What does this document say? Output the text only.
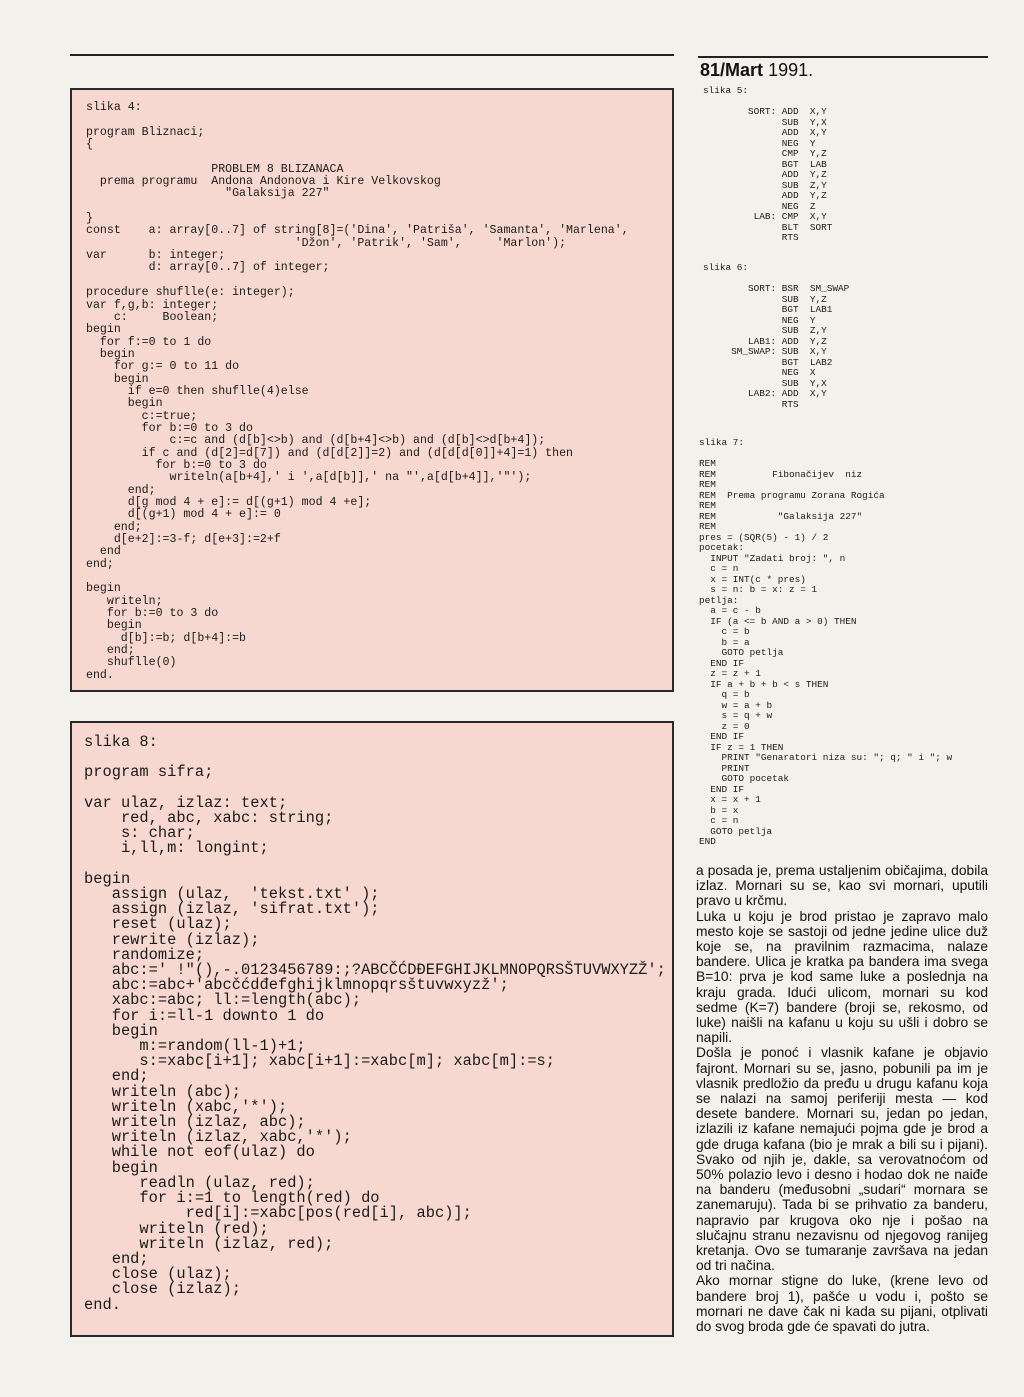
81/Mart 1991.
slika 4:

program Bliznaci;
{

PROBLEM 8 BLIZANACA
prema programu  Andona Andonova i Kire Velkovskog
"Galaksija 227"

}
const    a: array[0..7] of string[8]=('Dina', 'Patriša', 'Samanta', 'Marlena',
'Džon', 'Patrik', 'Sam',     'Marlon');
var      b: integer;
d: array[0..7] of integer;

procedure shuflle(e: integer);
var f,g,b: integer;
c:     Boolean;
begin
for f:=0 to 1 do
begin
for g:= 0 to 11 do
begin
if e=0 then shuflle(4)else
begin
c:=true;
for b:=0 to 3 do
c:=c and (d[b]<>b) and (d[b+4]<>b) and (d[b]<>d[b+4]);
if c and (d[2]=d[7]) and (d[d[2]]=2) and (d[d[d[0]]+4]=1) then
for b:=0 to 3 do
writeln(a[b+4],' i ',a[d[b]],' na "',a[d[b+4]],'"');
end;
d[g mod 4 + e]:= d[(g+1) mod 4 +e];
d[(g+1) mod 4 + e]:= 0
end;
d[e+2]:=3-f; d[e+3]:=2+f
end
end;

begin
writeln;
for b:=0 to 3 do
begin
d[b]:=b; d[b+4]:=b
end;
shuflle(0)
end.
slika 8:

program sifra;

var ulaz, izlaz: text;
red, abc, xabc: string;
s: char;
i,ll,m: longint;

begin
assign (ulaz,  'tekst.txt' );
assign (izlaz, 'sifrat.txt');
reset (ulaz);
rewrite (izlaz);
randomize;
abc:=' !"(),-.0123456789:;?ABCČĆDĐEFGHIJKLMNOPQRSŠTUVWXYZŽ';
abc:=abc+'abcčćdđefghijklmnopqrsštuvwxyzž';
xabc:=abc; ll:=length(abc);
for i:=ll-1 downto 1 do
begin
m:=random(ll-1)+1;
s:=xabc[i+1]; xabc[i+1]:=xabc[m]; xabc[m]:=s;
end;
writeln (abc);
writeln (xabc,'*');
writeln (izlaz, abc);
writeln (izlaz, xabc,'*');
while not eof(ulaz) do
begin
readln (ulaz, red);
for i:=1 to length(red) do
red[i]:=xabc[pos(red[i], abc)];
writeln (red);
writeln (izlaz, red);
end;
close (ulaz);
close (izlaz);
end.
slika 5:

SORT: ADD  X,Y
SUB  Y,X
ADD  X,Y
NEG  Y
CMP  Y,Z
BGT  LAB
ADD  Y,Z
SUB  Z,Y
ADD  Y,Z
NEG  Z
LAB: CMP  X,Y
BLT  SORT
RTS
slika 6:

SORT: BSR  SM_SWAP
SUB  Y,Z
BGT  LAB1
NEG  Y
SUB  Z,Y
LAB1: ADD  Y,Z
SM_SWAP: SUB  X,Y
BGT  LAB2
NEG  X
SUB  Y,X
LAB2: ADD  X,Y
RTS
slika 7:

REM
REM          Fibonačijev  niz
REM
REM  Prema programu Zorana Rogića
REM
REM           "Galaksija 227"
REM
pres = (SQR(5) - 1) / 2
pocetak:
INPUT "Zadati broj: ", n
c = n
x = INT(c * pres)
s = n: b = x: z = 1
petlja:
a = c - b
IF (a <= b AND a > 0) THEN
c = b
b = a
GOTO petlja
END IF
z = z + 1
IF a + b + b < s THEN
q = b
w = a + b
s = q + w
z = 0
END IF
IF z = 1 THEN
PRINT "Genaratori niza su: "; q; " i "; w
PRINT
GOTO pocetak
END IF
x = x + 1
b = x
c = n
GOTO petlja
END

a posada je, prema ustaljenim običajima, dobila izlaz. Mornari su se, kao svi mornari, uputili pravo u krčmu.

Luka u koju je brod pristao je zapravo malo mesto koje se sastoji od jedne jedine ulice duž koje se, na pravilnim razmacima, nalaze bandere. Ulica je kratka pa bandera ima svega B=10: prva je kod same luke a poslednja na kraju grada. Idući ulicom, mornari su kod sedme (K=7) bandere (broji se, rekosmo, od luke) naišli na kafanu u koju su ušli i dobro se napili.

Došla je ponoć i vlasnik kafane je objavio fajront. Mornari su se, jasno, pobunili pa im je vlasnik predložio da pređu u drugu kafanu koja se nalazi na samoj periferiji mesta — kod desete bandere. Mornari su, jedan po jedan, izlazili iz kafane nemajući pojma gde je brod a gde druga kafana (bio je mrak a bili su i pijani). Svako od njih je, dakle, sa verovatnoćom od 50% polazio levo i desno i hodao dok ne naiđe na banderu (međusobni „sudari“ mornara se zanemaruju). Tada bi se prihvatio za banderu, napravio par krugova oko nje i pošao na slučajnu stranu nezavisnu od njegovog ranijeg kretanja. Ovo se tumaranje završava na jedan od tri načina.

Ako mornar stigne do luke, (krene levo od bandere broj 1), pašće u vodu i, pošto se mornari ne dave čak ni kada su pijani, otplivati do svog broda gde će spavati do jutra.
